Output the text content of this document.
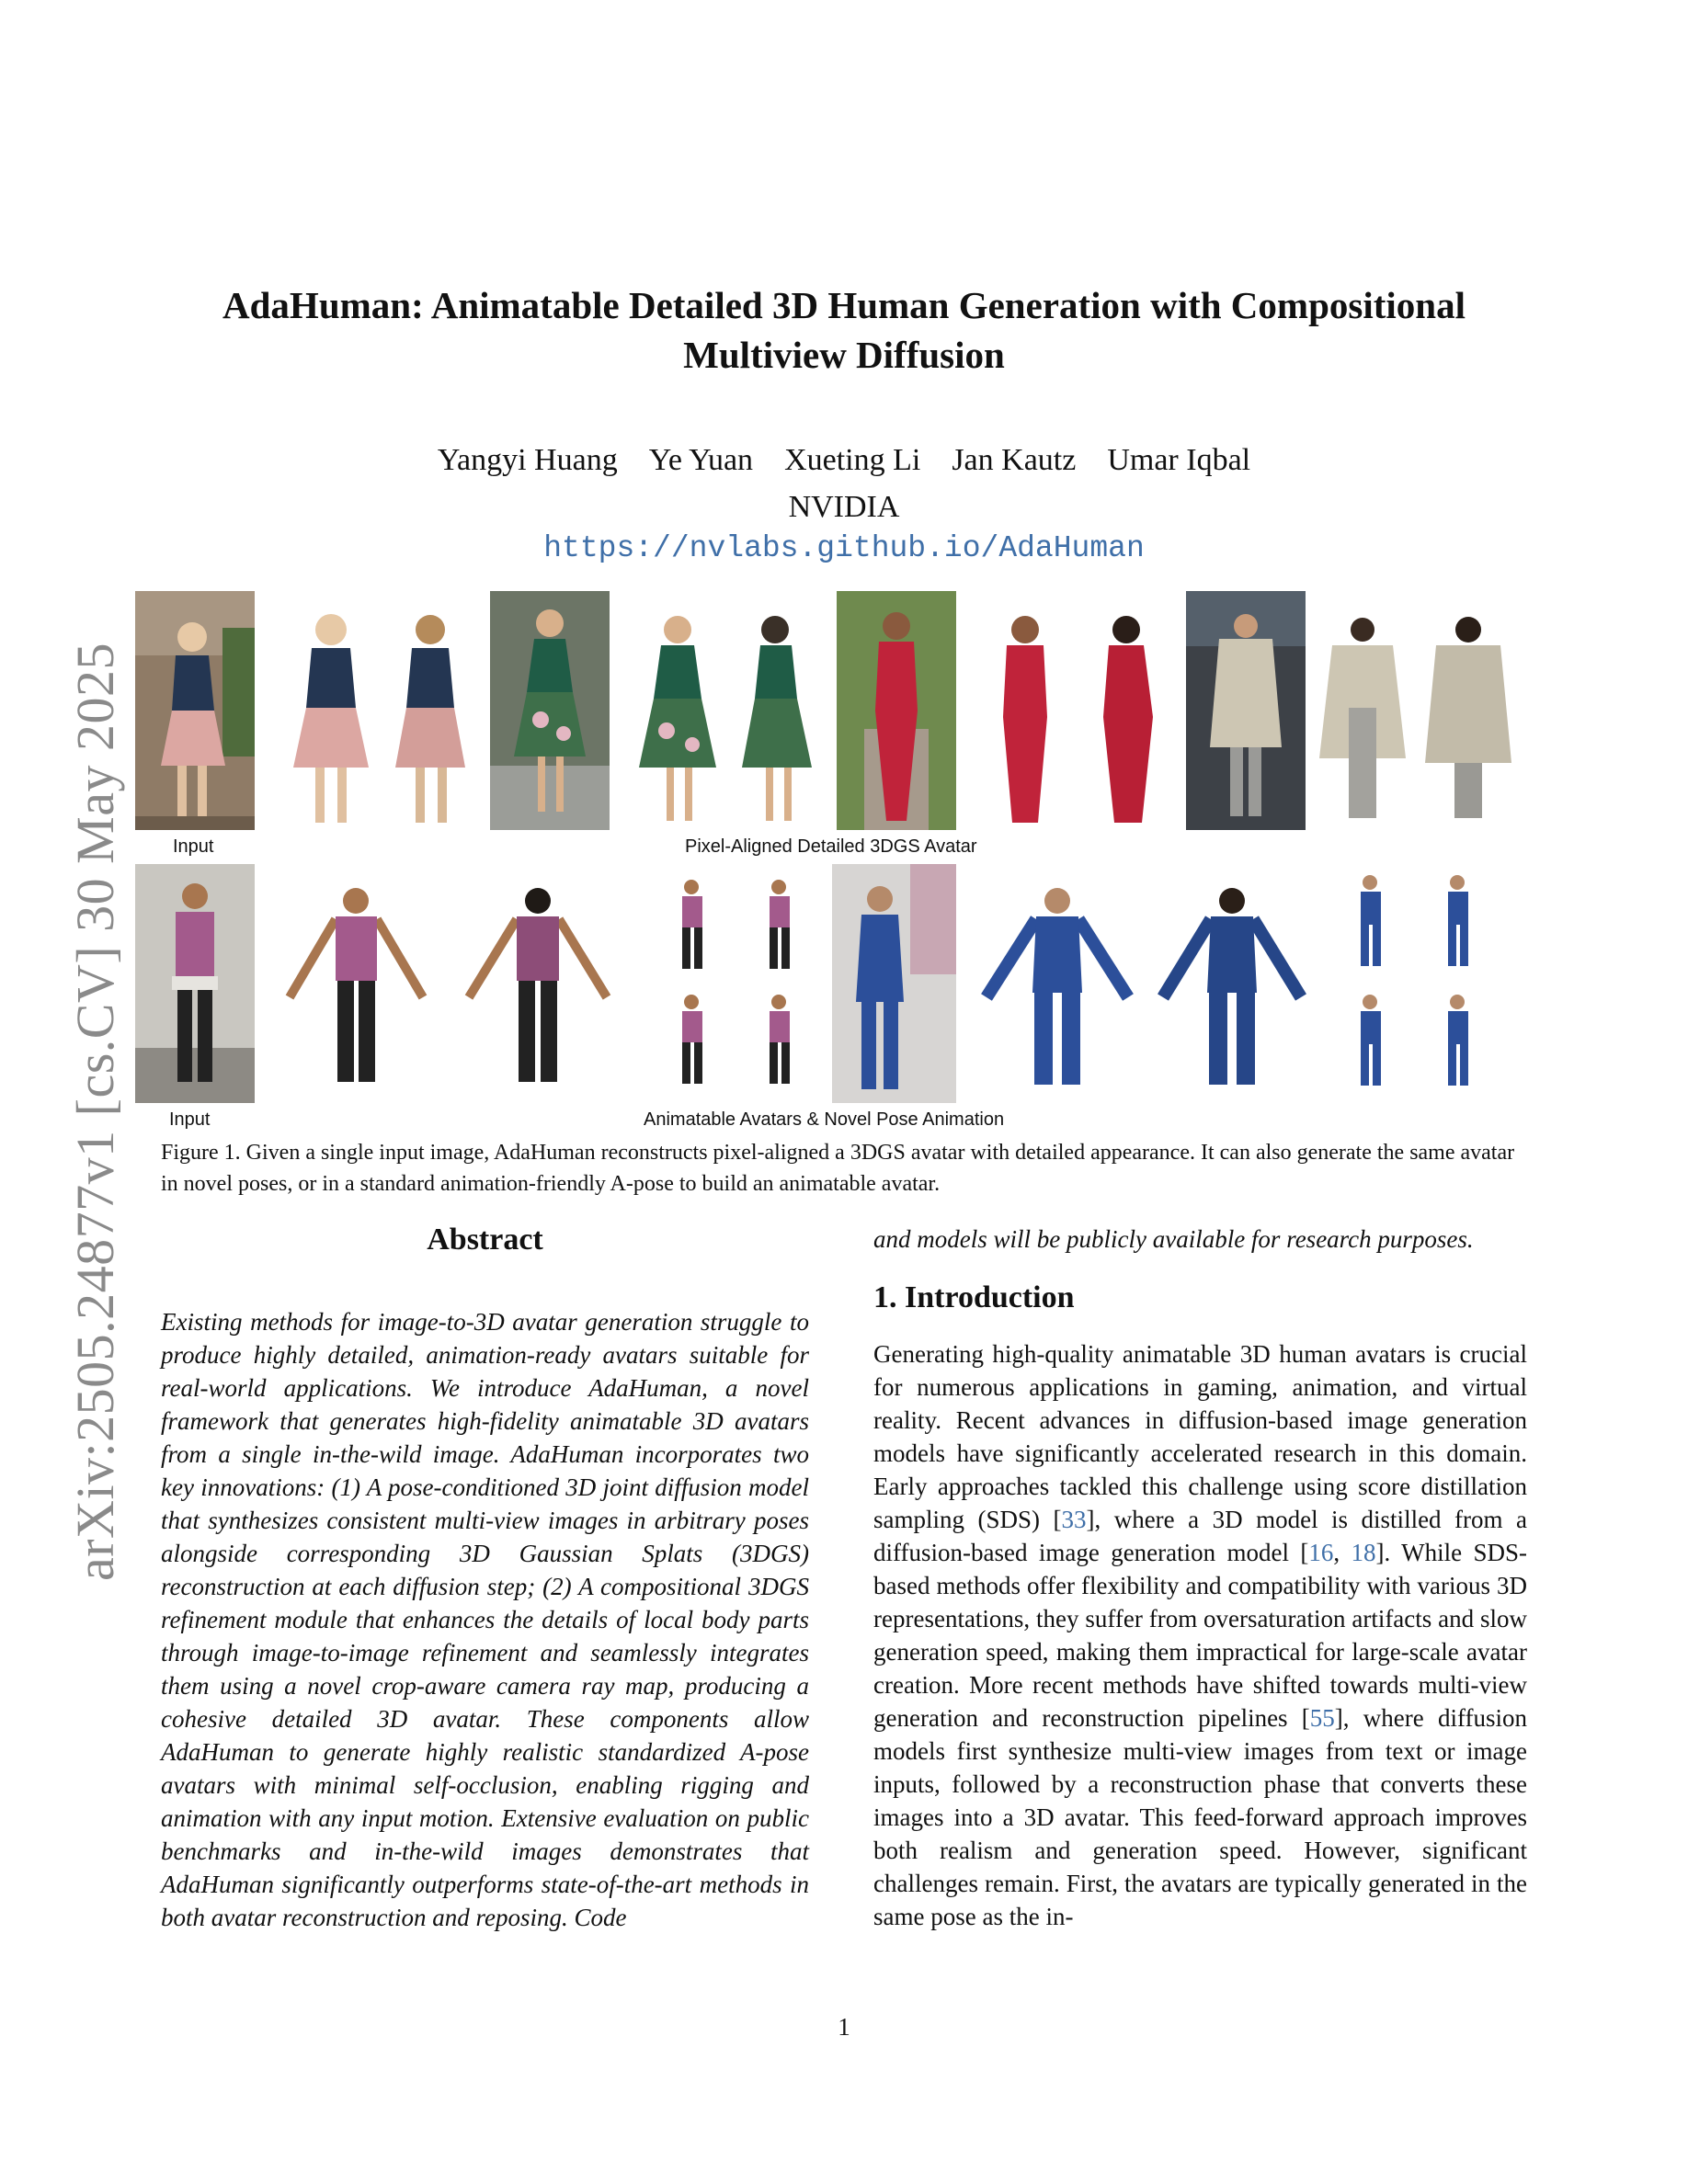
AdaHuman: Animatable Detailed 3D Human Generation with Compositional Multiview Diffusion
Yangyi Huang Ye Yuan Xueting Li Jan Kautz Umar Iqbal
NVIDIA
https://nvlabs.github.io/AdaHuman
arXiv:2505.24877v1 [cs.CV] 30 May 2025	Input	Pixel-Aligned Detailed 3DGS Avatar
Input	Animatable Avatars & Novel Pose Animation
Figure 1. Given a single input image, AdaHuman reconstructs pixel-aligned a 3DGS avatar with detailed appearance. It can also generate the same avatar in novel poses, or in a standard animation-friendly A-pose to build an animatable avatar.
Abstract
Existing methods for image-to-3D avatar generation struggle to produce highly detailed, animation-ready avatars suitable for real-world applications. We introduce AdaHuman, a novel framework that generates high-fidelity animatable 3D avatars from a single in-the-wild image. AdaHuman incorporates two key innovations: (1) A pose-conditioned 3D joint diffusion model that synthesizes consistent multi-view images in arbitrary poses alongside corresponding 3D Gaussian Splats (3DGS) reconstruction at each diffusion step; (2) A compositional 3DGS refinement module that enhances the details of local body parts through image-to-image refinement and seamlessly integrates them using a novel crop-aware camera ray map, producing a cohesive detailed 3D avatar. These components allow AdaHuman to generate highly realistic standardized A-pose avatars with minimal self-occlusion, enabling rigging and animation with any input motion. Extensive evaluation on public benchmarks and in-the-wild images demonstrates that AdaHuman significantly outperforms state-of-the-art methods in both avatar reconstruction and reposing. Code
and models will be publicly available for research purposes.
1. Introduction
Generating high-quality animatable 3D human avatars is crucial for numerous applications in gaming, animation, and virtual reality. Recent advances in diffusion-based image generation models have significantly accelerated research in this domain. Early approaches tackled this challenge using score distillation sampling (SDS) [33], where a 3D model is distilled from a diffusion-based image generation model [16, 18]. While SDS-based methods offer flexibility and compatibility with various 3D representations, they suffer from oversaturation artifacts and slow generation speed, making them impractical for large-scale avatar creation. More recent methods have shifted towards multi-view generation and reconstruction pipelines [55], where diffusion models first synthesize multi-view images from text or image inputs, followed by a reconstruction phase that converts these images into a 3D avatar. This feed-forward approach improves both realism and generation speed. However, significant challenges remain. First, the avatars are typically generated in the same pose as the in-
1
